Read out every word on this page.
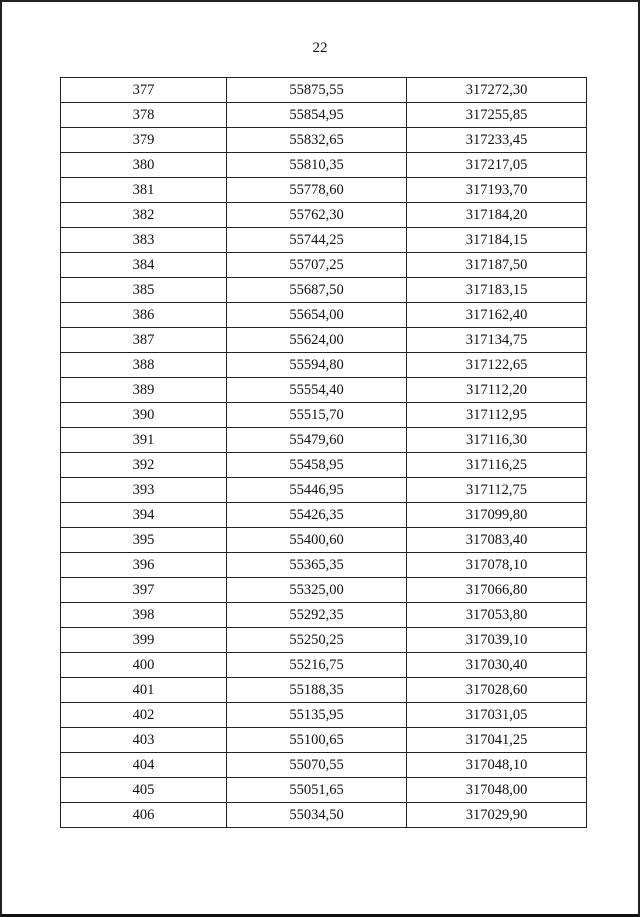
22
377	55875,55	317272,30
378	55854,95	317255,85
379	55832,65	317233,45
380	55810,35	317217,05
381	55778,60	317193,70
382	55762,30	317184,20
383	55744,25	317184,15
384	55707,25	317187,50
385	55687,50	317183,15
386	55654,00	317162,40
387	55624,00	317134,75
388	55594,80	317122,65
389	55554,40	317112,20
390	55515,70	317112,95
391	55479,60	317116,30
392	55458,95	317116,25
393	55446,95	317112,75
394	55426,35	317099,80
395	55400,60	317083,40
396	55365,35	317078,10
397	55325,00	317066,80
398	55292,35	317053,80
399	55250,25	317039,10
400	55216,75	317030,40
401	55188,35	317028,60
402	55135,95	317031,05
403	55100,65	317041,25
404	55070,55	317048,10
405	55051,65	317048,00
406	55034,50	317029,90
